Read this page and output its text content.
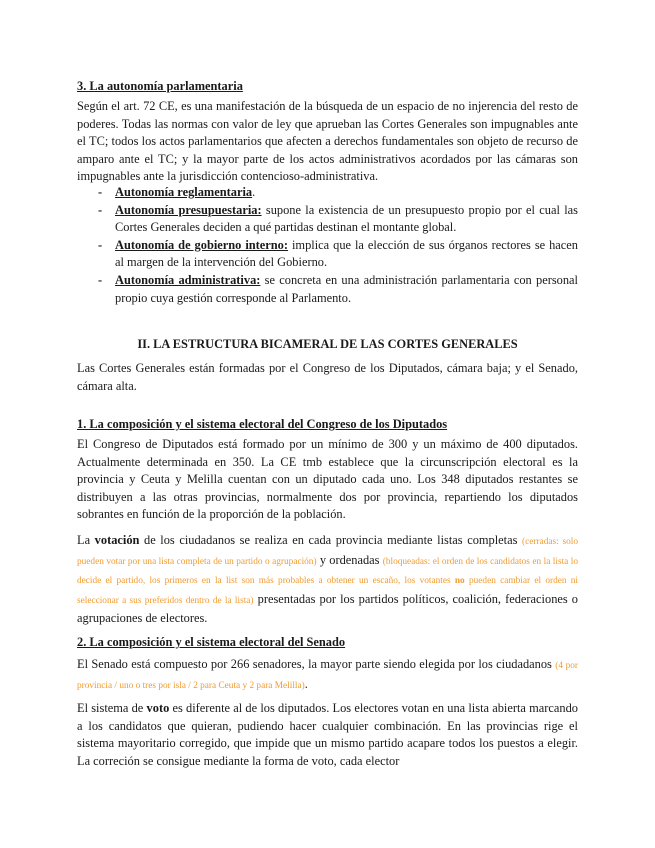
3. La autonomía parlamentaria

Según el art. 72 CE, es una manifestación de la búsqueda de un espacio de no injerencia del resto de poderes. Todas las normas con valor de ley que aprueban las Cortes Generales son impugnables ante el TC; todos los actos parlamentarios que afecten a derechos fundamentales son objeto de recurso de amparo ante el TC; y la mayor parte de los actos administrativos acordados por las cámaras son impugnables ante la jurisdicción contencioso-administrativa.

- Autonomía reglamentaria.
- Autonomía presupuestaria: supone la existencia de un presupuesto propio por el cual las Cortes Generales deciden a qué partidas destinan el montante global.
- Autonomía de gobierno interno: implica que la elección de sus órganos rectores se hacen al margen de la intervención del Gobierno.
- Autonomía administrativa: se concreta en una administración parlamentaria con personal propio cuya gestión corresponde al Parlamento.
II. LA ESTRUCTURA BICAMERAL DE LAS CORTES GENERALES

Las Cortes Generales están formadas por el Congreso de los Diputados, cámara baja; y el Senado, cámara alta.

1. La composición y el sistema electoral del Congreso de los Diputados

El Congreso de Diputados está formado por un mínimo de 300 y un máximo de 400 diputados. Actualmente determinada en 350. La CE tmb establece que la circunscripción electoral es la provincia y Ceuta y Melilla cuentan con un diputado cada uno. Los 348 diputados restantes se distribuyen a las otras provincias, normalmente dos por provincia, repartiendo los diputados sobrantes en función de la proporción de la población.

La votación de los ciudadanos se realiza en cada provincia mediante listas completas (cerradas: solo pueden votar por una lista completa de un partido o agrupación) y ordenadas (bloqueadas: el orden de los candidatos en la lista lo decide el partido, los primeros en la list son más probables a obtener un escaño, los votantes no pueden cambiar el orden ni seleccionar a sus preferidos dentro de la lista) presentadas por los partidos políticos, coalición, federaciones o agrupaciones de electores.

2. La composición y el sistema electoral del Senado

El Senado está compuesto por 266 senadores, la mayor parte siendo elegida por los ciudadanos (4 por provincia / uno o tres por isla / 2 para Ceuta y 2 para Melilla).

El sistema de voto es diferente al de los diputados. Los electores votan en una lista abierta marcando a los candidatos que quieran, pudiendo hacer cualquier combinación. En las provincias rige el sistema mayoritario corregido, que impide que un mismo partido acapare todos los puestos a elegir. La correción se consigue mediante la forma de voto, cada elector
